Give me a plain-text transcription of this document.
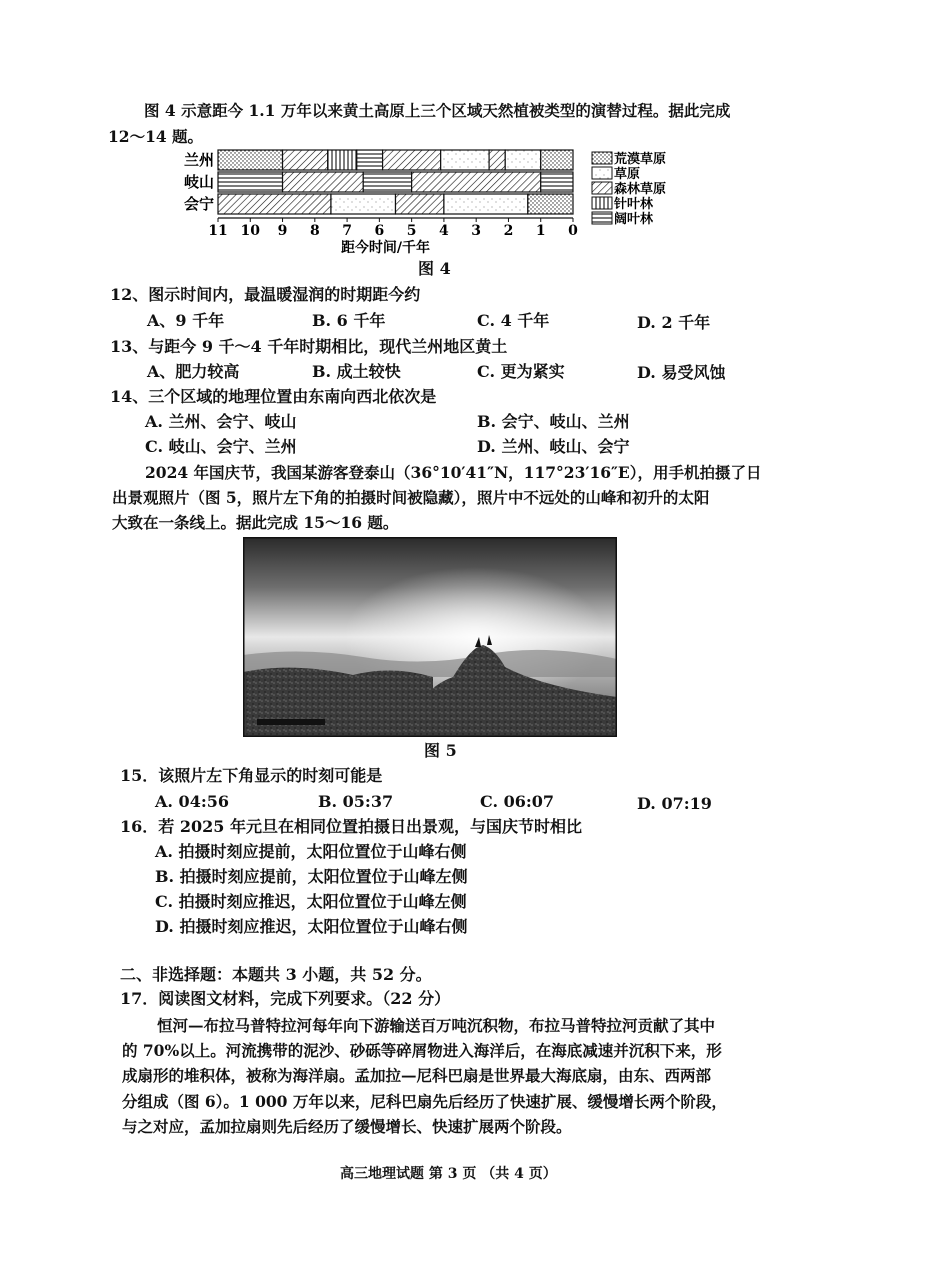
图 4 示意距今 1.1 万年以来黄土高原上三个区域天然植被类型的演替过程。据此完成
12～14 题。
兰州
岐山
会宁
11 10 9 8 7 6 5 4 3 2 1 0
荒漠草原
草原
森林草原
针叶林
阔叶林
距今时间/千年
图 4
12、图示时间内，最温暖湿润的时期距今约
A、9 千年	B. 6 千年	C. 4 千年	D. 2 千年
13、与距今 9 千～4 千年时期相比，现代兰州地区黄土
A、肥力较高	B. 成土较快	C. 更为紧实	D. 易受风蚀
14、三个区域的地理位置由东南向西北依次是
A. 兰州、会宁、岐山	B. 会宁、岐山、兰州
C. 岐山、会宁、兰州	D. 兰州、岐山、会宁
2024 年国庆节，我国某游客登泰山（36°10′41″N，117°23′16″E），用手机拍摄了日
出景观照片（图 5，照片左下角的拍摄时间被隐藏），照片中不远处的山峰和初升的太阳
大致在一条线上。据此完成 15～16 题。
图 5
15．该照片左下角显示的时刻可能是
A. 04:56	B. 05:37	C. 06:07	D. 07:19
16．若 2025 年元旦在相同位置拍摄日出景观，与国庆节时相比
A. 拍摄时刻应提前，太阳位置位于山峰右侧
B. 拍摄时刻应提前，太阳位置位于山峰左侧
C. 拍摄时刻应推迟，太阳位置位于山峰左侧
D. 拍摄时刻应推迟，太阳位置位于山峰右侧
二、非选择题：本题共 3 小题，共 52 分。
17．阅读图文材料，完成下列要求。（22 分）
恒河—布拉马普特拉河每年向下游输送百万吨沉积物，布拉马普特拉河贡献了其中
的 70%以上。河流携带的泥沙、砂砾等碎屑物进入海洋后，在海底减速并沉积下来，形
成扇形的堆积体，被称为海洋扇。孟加拉—尼科巴扇是世界最大海底扇，由东、西两部
分组成（图 6）。1 000 万年以来，尼科巴扇先后经历了快速扩展、缓慢增长两个阶段，
与之对应，孟加拉扇则先后经历了缓慢增长、快速扩展两个阶段。
高三地理试题 第 3 页 （共 4 页）
